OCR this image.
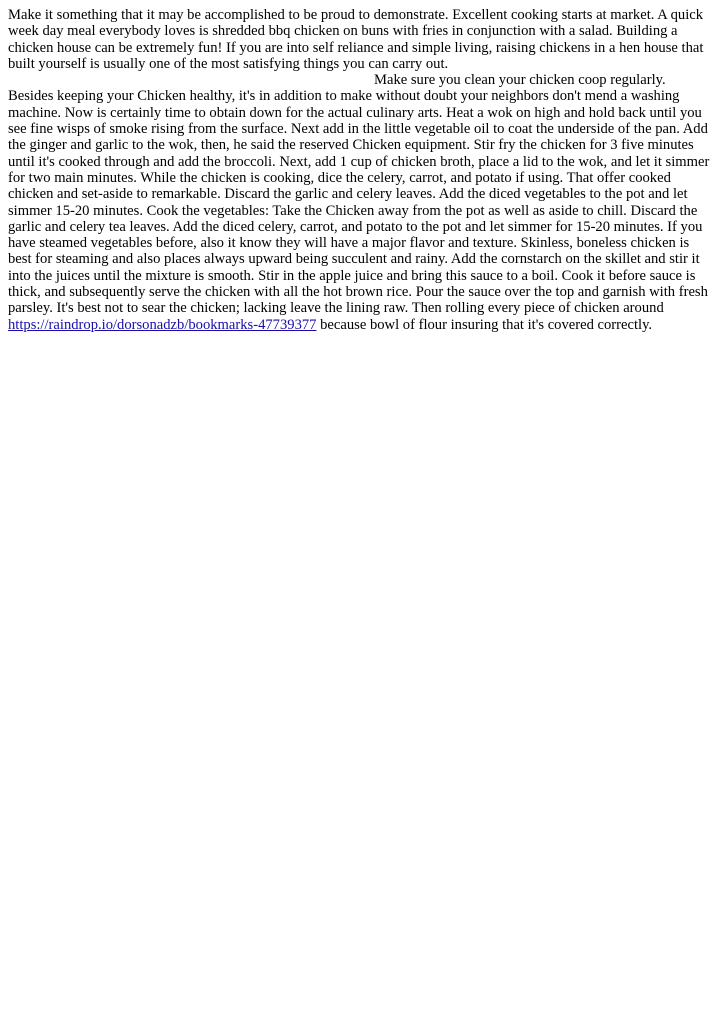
Make it something that it may be accomplished to be proud to demonstrate. Excellent cooking starts at market. A quick week day meal everybody loves is shredded bbq chicken on buns with fries in conjunction with a salad. Building a chicken house can be extremely fun! If you are into self reliance and simple living, raising chickens in a hen house that built yourself is usually one of the most satisfying things you can carry out.

Make sure you clean your chicken coop regularly. Besides keeping your Chicken healthy, it's in addition to make without doubt your neighbors don't mend a washing machine. Now is certainly time to obtain down for the actual culinary arts. Heat a wok on high and hold back until you see fine wisps of smoke rising from the surface. Next add in the little vegetable oil to coat the underside of the pan. Add the ginger and garlic to the wok, then, he said the reserved Chicken equipment. Stir fry the chicken for 3 five minutes until it's cooked through and add the broccoli. Next, add 1 cup of chicken broth, place a lid to the wok, and let it simmer for two main minutes. While the chicken is cooking, dice the celery, carrot, and potato if using. That offer cooked chicken and set-aside to remarkable. Discard the garlic and celery leaves. Add the diced vegetables to the pot and let simmer 15-20 minutes. Cook the vegetables: Take the Chicken away from the pot as well as aside to chill. Discard the garlic and celery tea leaves. Add the diced celery, carrot, and potato to the pot and let simmer for 15-20 minutes. If you have steamed vegetables before, also it know they will have a major flavor and texture. Skinless, boneless chicken is best for steaming and also places always upward being succulent and rainy. Add the cornstarch on the skillet and stir it into the juices until the mixture is smooth. Stir in the apple juice and bring this sauce to a boil. Cook it before sauce is thick, and subsequently serve the chicken with all the hot brown rice. Pour the sauce over the top and garnish with fresh parsley. It's best not to sear the chicken; lacking leave the lining raw. Then rolling every piece of chicken around https://raindrop.io/dorsonadzb/bookmarks-47739377 because bowl of flour insuring that it's covered correctly.
